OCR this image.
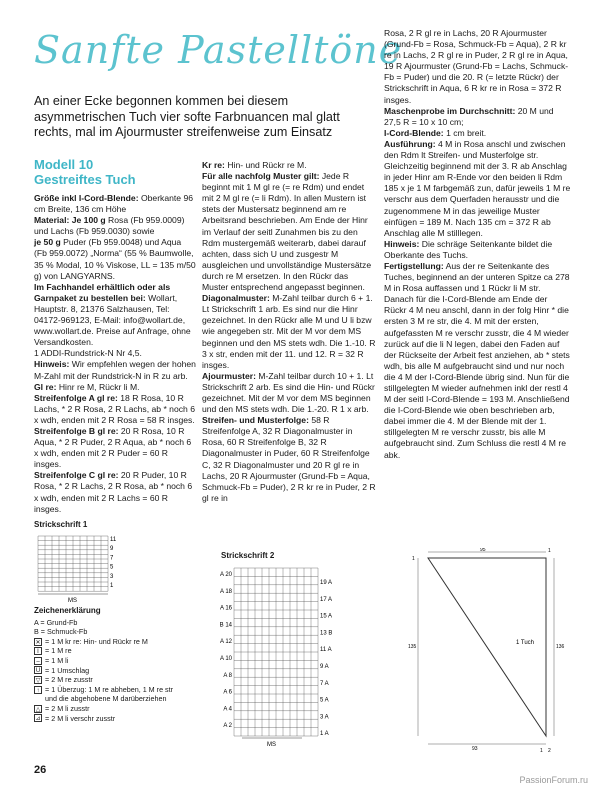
Sanfte Pastelltöne
An einer Ecke begonnen kommen bei diesem asymmetrischen Tuch vier softe Farbnuancen mal glatt rechts, mal im Ajourmuster streifenweise zum Einsatz
Modell 10
Gestreiftes Tuch

Größe inkl I-Cord-Blende: Oberkante 96 cm Breite, 136 cm Höhe

Material: Je 100 g Rosa (Fb 959.0009) und Lachs (Fb 959.0030) sowie

je 50 g Puder (Fb 959.0048) und Aqua (Fb 959.0072) „Norma“ (55 % Baumwolle, 35 % Modal, 10 % Viskose, LL = 135 m/50 g) von LANGYARNS.

Im Fachhandel erhältlich oder als Garnpaket zu bestellen bei: Wollart, Hauptstr. 8, 21376 Salzhausen, Tel: 04172-969123, E-Mail: info@wollart.de, www.wollart.de. Preise auf Anfrage, ohne Versandkosten.

1 ADDI-Rundstrick-N Nr 4,5.

Hinweis: Wir empfehlen wegen der hohen M-Zahl mit der Rundstrick-N in R zu arb.

Gl re: Hinr re M, Rückr li M.

Streifenfolge A gl re: 18 R Rosa, 10 R Lachs, * 2 R Rosa, 2 R Lachs, ab * noch 6 x wdh, enden mit 2 R Rosa = 58 R insges.

Streifenfolge B gl re: 20 R Rosa, 10 R Aqua, * 2 R Puder, 2 R Aqua, ab * noch 6 x wdh, enden mit 2 R Puder = 60 R insges.

Streifenfolge C gl re: 20 R Puder, 10 R Rosa, * 2 R Lachs, 2 R Rosa, ab * noch 6 x wdh, enden mit 2 R Lachs = 60 R insges.

Kr re: Hin- und Rückr re M.

Für alle nachfolg Muster gilt: Jede R beginnt mit 1 M gl re (= re Rdm) und endet mit 2 M gl re (= li Rdm). In allen Mustern ist stets der Mustersatz beginnend am re Arbeitsrand beschrieben. Am Ende der Hinr im Verlauf der seitl Zunahmen bis zu den Rdm mustergemäß weiterarb, dabei darauf achten, dass sich U und zusgestr M ausgleichen und unvollständige Mustersätze durch re M ersetzen. In den Rückr das Muster entsprechend angepasst beginnen.

Diagonalmuster: M-Zahl teilbar durch 6 + 1. Lt Strickschrift 1 arb. Es sind nur die Hinr gezeichnet. In den Rückr alle M und U li bzw wie angegeben str. Mit der M vor dem MS beginnen und den MS stets wdh. Die 1.-10. R 3 x str, enden mit der 11. und 12. R = 32 R insges.

Ajourmuster: M-Zahl teilbar durch 10 + 1. Lt Strickschrift 2 arb. Es sind die Hin- und Rückr gezeichnet. Mit der M vor dem MS beginnen und den MS stets wdh. Die 1.-20. R 1 x arb.

Streifen- und Musterfolge: 58 R Streifenfolge A, 32 R Diagonalmuster in Rosa, 60 R Streifenfolge B, 32 R Diagonalmuster in Puder, 60 R Streifenfolge C, 32 R Diagonalmuster und 20 R gl re in Lachs, 20 R Ajourmuster (Grund-Fb = Aqua, Schmuck-Fb = Puder), 2 R kr re in Puder, 2 R gl re in

Rosa, 2 R gl re in Lachs, 20 R Ajourmuster (Grund-Fb = Rosa, Schmuck-Fb = Aqua), 2 R kr re in Lachs, 2 R gl re in Puder, 2 R gl re in Aqua, 19 R Ajourmuster (Grund-Fb = Lachs, Schmuck-Fb = Puder) und die 20. R (= letzte Rückr) der Strickschrift in Aqua, 6 R kr re in Rosa = 372 R insges.

Maschenprobe im Durchschnitt: 20 M und 27,5 R = 10 x 10 cm;

I-Cord-Blende: 1 cm breit.

Ausführung: 4 M in Rosa anschl und zwischen den Rdm lt Streifen- und Musterfolge str. Gleichzeitig beginnend mit der 3. R ab Anschlag in jeder Hinr am R-Ende vor den beiden li Rdm 185 x je 1 M farbgemäß zun, dafür jeweils 1 M re verschr aus dem Querfaden herausstr und die zugenommene M in das jeweilige Muster einfügen = 189 M. Nach 135 cm = 372 R ab Anschlag alle M stilllegen.

Hinweis: Die schräge Seitenkante bildet die Oberkante des Tuchs.

Fertigstellung: Aus der re Seitenkante des Tuches, beginnend an der unteren Spitze ca 278 M in Rosa auffassen und 1 Rückr li M str. Danach für die I-Cord-Blende am Ende der Rückr 4 M neu anschl, dann in der folg Hinr * die ersten 3 M re str, die 4. M mit der ersten, aufgefassten M re verschr zusstr, die 4 M wieder zurück auf die li N legen, dabei den Faden auf der Rückseite der Arbeit fest anziehen, ab * stets wdh, bis alle M aufgebraucht sind und nur noch die 4 M der I-Cord-Blende übrig sind. Nun für die stillgelegten M wieder aufnehmen inkl der restl 4 M der seitl I-Cord-Blende = 193 M. Anschließend die I-Cord-Blende wie oben beschrieben arb, dabei immer die 4. M der Blende mit der 1. stillgelegten M re verschr zusstr, bis alle M aufgebraucht sind. Zum Schluss die restl 4 M re abk.

Strickschrift 1
11
9
7
5
3
1
MS
Strickschrift 2
A 20
A 18
A 16
B 14
A 12
A 10
A 8
A 6
A 4
A 2
19 A
17 A
15 A
13 B
11 A
9 A
7 A
5 A
3 A
1 A
MS
Zeichenerklärung
A = Grund-Fb
B = Schmuck-Fb
✕ = 1 M kr re: Hin- und Rückr re M
I = 1 M re
– = 1 M li
U = 1 Umschlag
▽ = 2 M re zusstr
↑ = 1 Überzug: 1 M re abheben, 1 M re str
und die abgehobene M darüberziehen
△ = 2 M li zusstr
⊿ = 2 M li verschr zusstr
95
135	136
93
1 Tuch
1
1
1 2
26
PassionForum.ru
